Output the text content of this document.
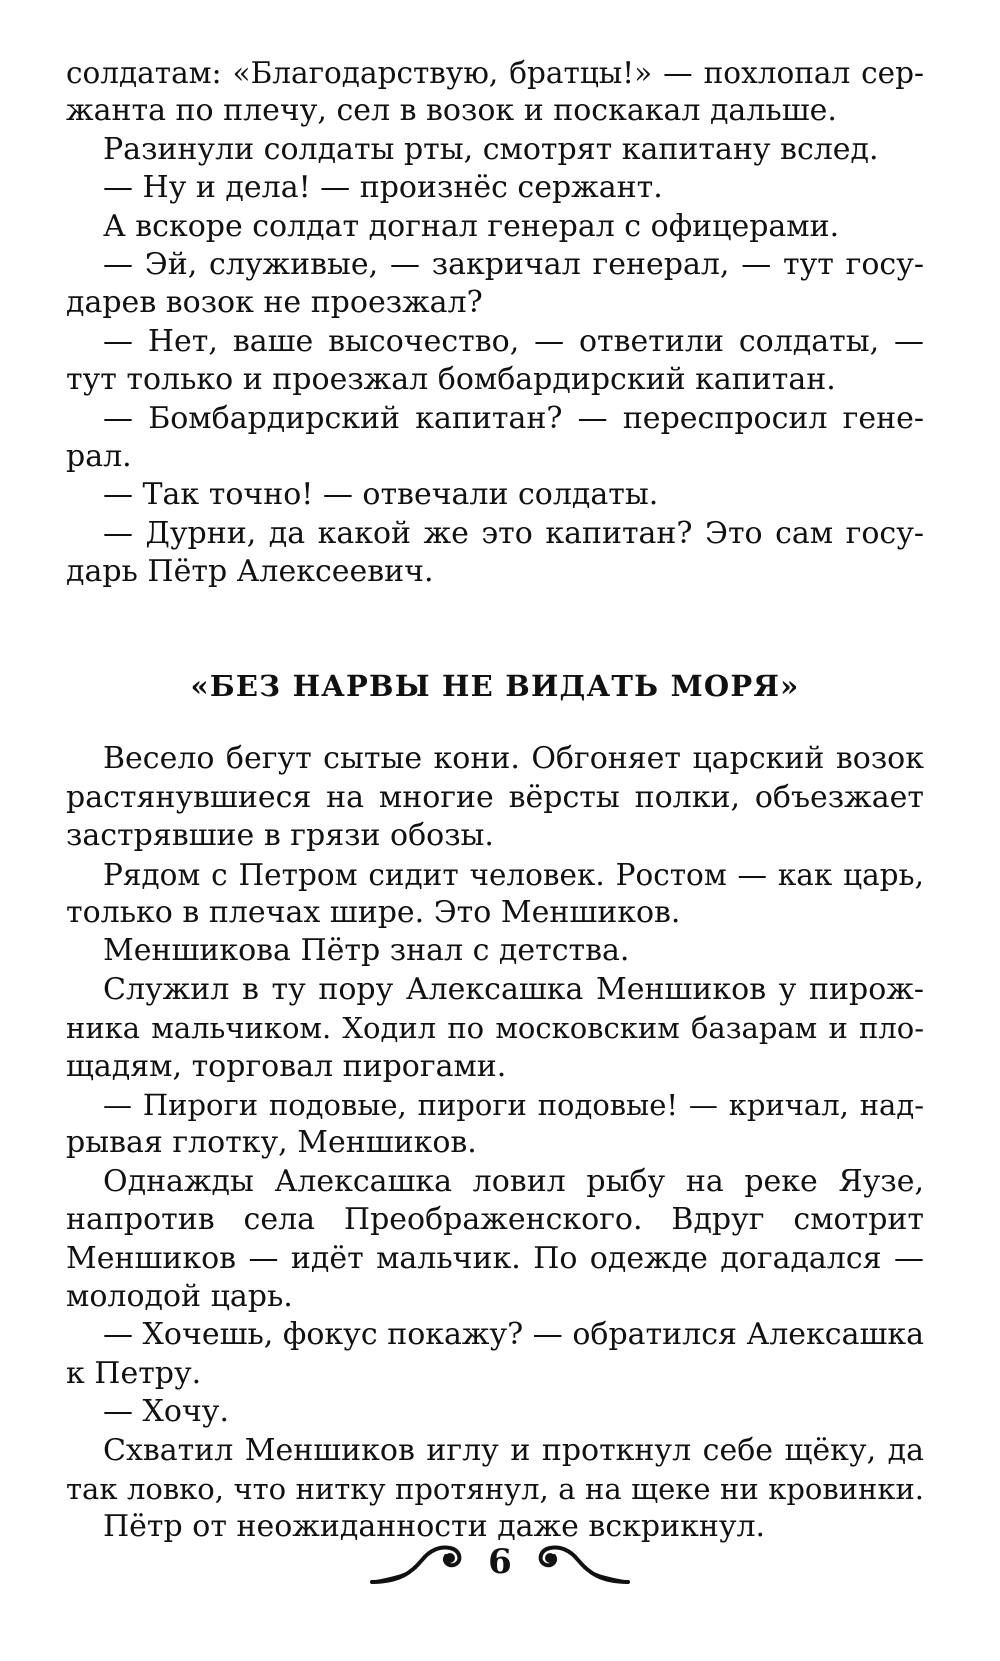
солдатам: «Благодарствую, братцы!» — похлопал сер-
жанта по плечу, сел в возок и поскакал дальше.
Разинули солдаты рты, смотрят капитану вслед.
— Ну и дела! — произнёс сержант.
А вскоре солдат догнал генерал с офицерами.
— Эй, служивые, — закричал генерал, — тут госу-
дарев возок не проезжал?
— Нет, ваше высочество, — ответили солдаты, —
тут только и проезжал бомбардирский капитан.
— Бомбардирский капитан? — переспросил гене-
рал.
— Так точно! — отвечали солдаты.
— Дурни, да какой же это капитан? Это сам госу-
дарь Пётр Алексеевич.
«БЕЗ НАРВЫ НЕ ВИДАТЬ МОРЯ»
Весело бегут сытые кони. Обгоняет царский возок
растянувшиеся на многие вёрсты полки, объезжает
застрявшие в грязи обозы.
Рядом с Петром сидит человек. Ростом — как царь,
только в плечах шире. Это Меншиков.
Меншикова Пётр знал с детства.
Служил в ту пору Алексашка Меншиков у пирож-
ника мальчиком. Ходил по московским базарам и пло-
щадям, торговал пирогами.
— Пироги подовые, пироги подовые! — кричал, над-
рывая глотку, Меншиков.
Однажды Алексашка ловил рыбу на реке Яузе,
напротив села Преображенского. Вдруг смотрит
Меншиков — идёт мальчик. По одежде догадался —
молодой царь.
— Хочешь, фокус покажу? — обратился Алексашка
к Петру.
— Хочу.
Схватил Меншиков иглу и проткнул себе щёку, да
так ловко, что нитку протянул, а на щеке ни кровинки.
Пётр от неожиданности даже вскрикнул.
6
